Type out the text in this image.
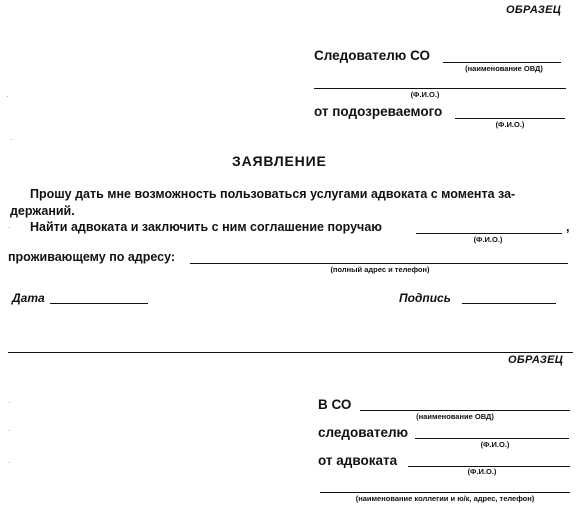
ОБРАЗЕЦ
Следователю СО
(наименование ОВД)
(Ф.И.О.)
от подозреваемого
(Ф.И.О.)
ЗАЯВЛЕНИЕ
Прошу дать мне возможность пользоваться услугами адвоката с момента за-
держаний.
Найти адвоката и заключить с ним соглашение поручаю	,
(Ф.И.О.)
проживающему по адресу:
(полный адрес и телефон)
Дата	Подпись
ОБРАЗЕЦ
В СО
(наименование ОВД)
следователю
(Ф.И.О.)
от адвоката
(Ф.И.О.)
(наименование коллегии и ю/к, адрес, телефон)
·
·
·
·
·
·
